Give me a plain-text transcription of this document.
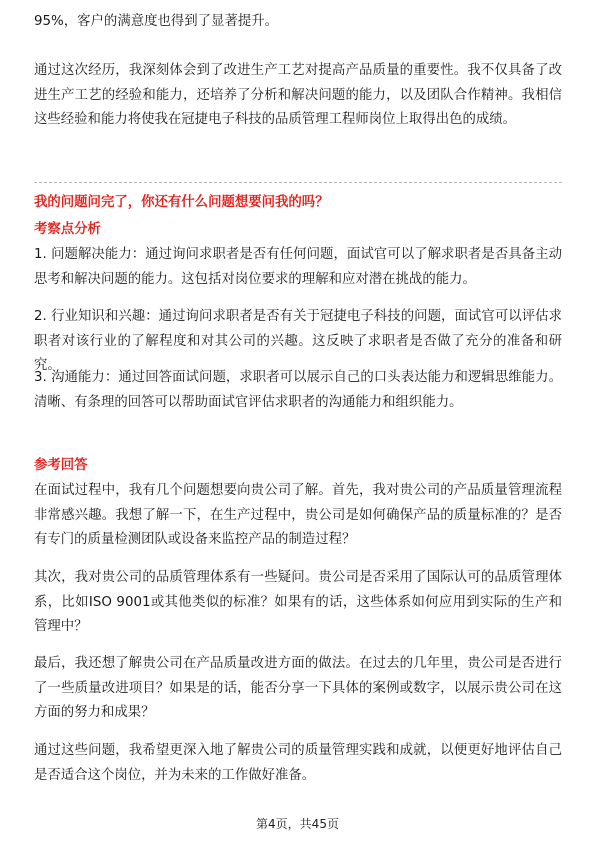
95%，客户的满意度也得到了显著提升。

通过这次经历，我深刻体会到了改进生产工艺对提高产品质量的重要性。我不仅具备了改进生产工艺的经验和能力，还培养了分析和解决问题的能力，以及团队合作精神。我相信这些经验和能力将使我在冠捷电子科技的品质管理工程师岗位上取得出色的成绩。

我的问题问完了，你还有什么问题想要问我的吗？

考察点分析

1. 问题解决能力：通过询问求职者是否有任何问题，面试官可以了解求职者是否具备主动思考和解决问题的能力。这包括对岗位要求的理解和应对潜在挑战的能力。

2. 行业知识和兴趣：通过询问求职者是否有关于冠捷电子科技的问题，面试官可以评估求职者对该行业的了解程度和对其公司的兴趣。这反映了求职者是否做了充分的准备和研究。

3. 沟通能力：通过回答面试问题，求职者可以展示自己的口头表达能力和逻辑思维能力。清晰、有条理的回答可以帮助面试官评估求职者的沟通能力和组织能力。

参考回答

在面试过程中，我有几个问题想要向贵公司了解。首先，我对贵公司的产品质量管理流程非常感兴趣。我想了解一下，在生产过程中，贵公司是如何确保产品的质量标准的？是否有专门的质量检测团队或设备来监控产品的制造过程？

其次，我对贵公司的品质管理体系有一些疑问。贵公司是否采用了国际认可的品质管理体系，比如ISO 9001或其他类似的标准？如果有的话，这些体系如何应用到实际的生产和管理中？

最后，我还想了解贵公司在产品质量改进方面的做法。在过去的几年里，贵公司是否进行了一些质量改进项目？如果是的话，能否分享一下具体的案例或数字，以展示贵公司在这方面的努力和成果？

通过这些问题，我希望更深入地了解贵公司的质量管理实践和成就，以便更好地评估自己是否适合这个岗位，并为未来的工作做好准备。

第4页，共45页
